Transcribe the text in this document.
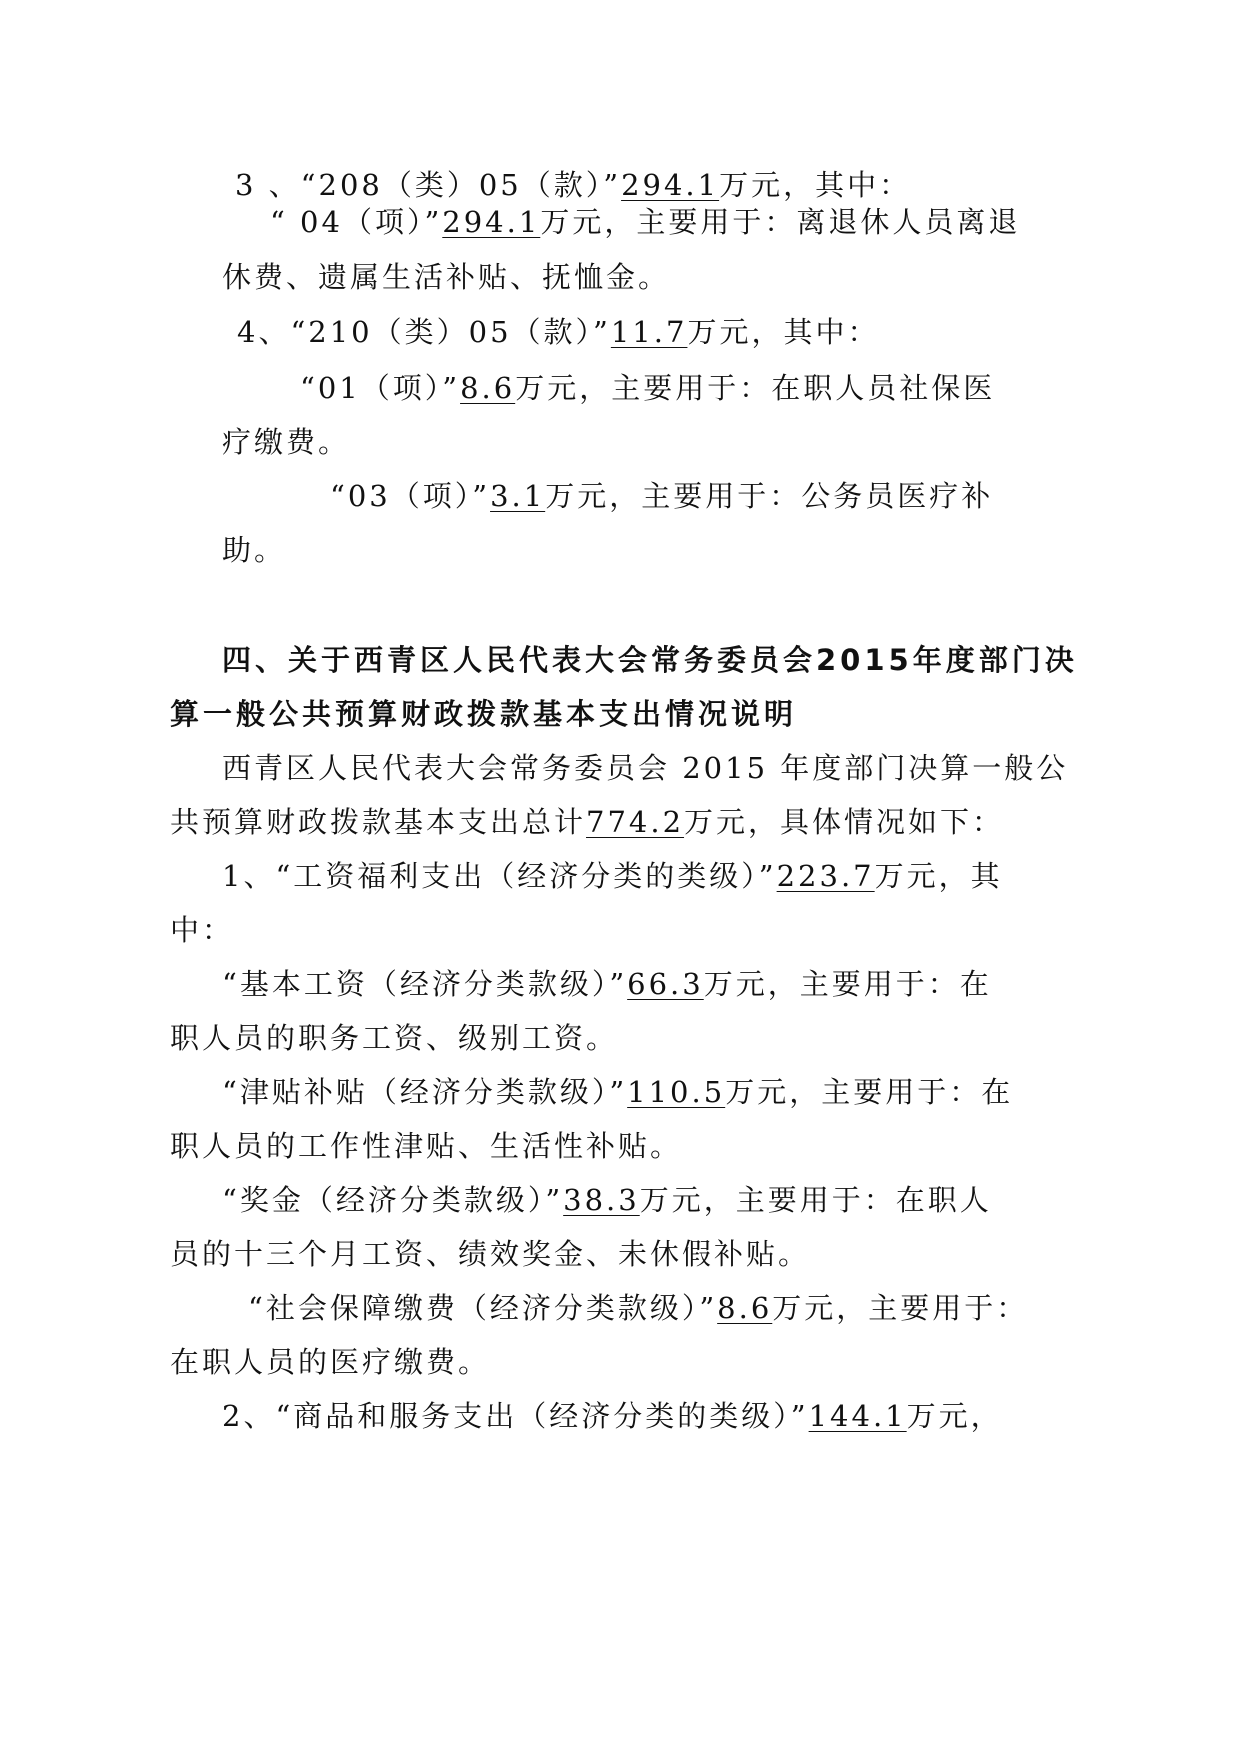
3 、“208（类）05（款）”294.1万元，其中：
“ 04（项）”294.1万元，主要用于：离退休人员离退
休费、遗属生活补贴、抚恤金。
4、“210（类）05（款）”11.7万元，其中：
“01（项）”8.6万元，主要用于：在职人员社保医
疗缴费。
“03（项）”3.1万元，主要用于：公务员医疗补
助。
四、关于西青区人民代表大会常务委员会2015年度部门决
算一般公共预算财政拨款基本支出情况说明
西青区人民代表大会常务委员会 2015 年度部门决算一般公
共预算财政拨款基本支出总计774.2万元，具体情况如下：
1、“工资福利支出（经济分类的类级）”223.7万元，其
中：
“基本工资（经济分类款级）”66.3万元，主要用于：在
职人员的职务工资、级别工资。
“津贴补贴（经济分类款级）”110.5万元，主要用于：在
职人员的工作性津贴、生活性补贴。
“奖金（经济分类款级）”38.3万元，主要用于：在职人
员的十三个月工资、绩效奖金、未休假补贴。
“社会保障缴费（经济分类款级）”8.6万元，主要用于：
在职人员的医疗缴费。
2、“商品和服务支出（经济分类的类级）”144.1万元，
